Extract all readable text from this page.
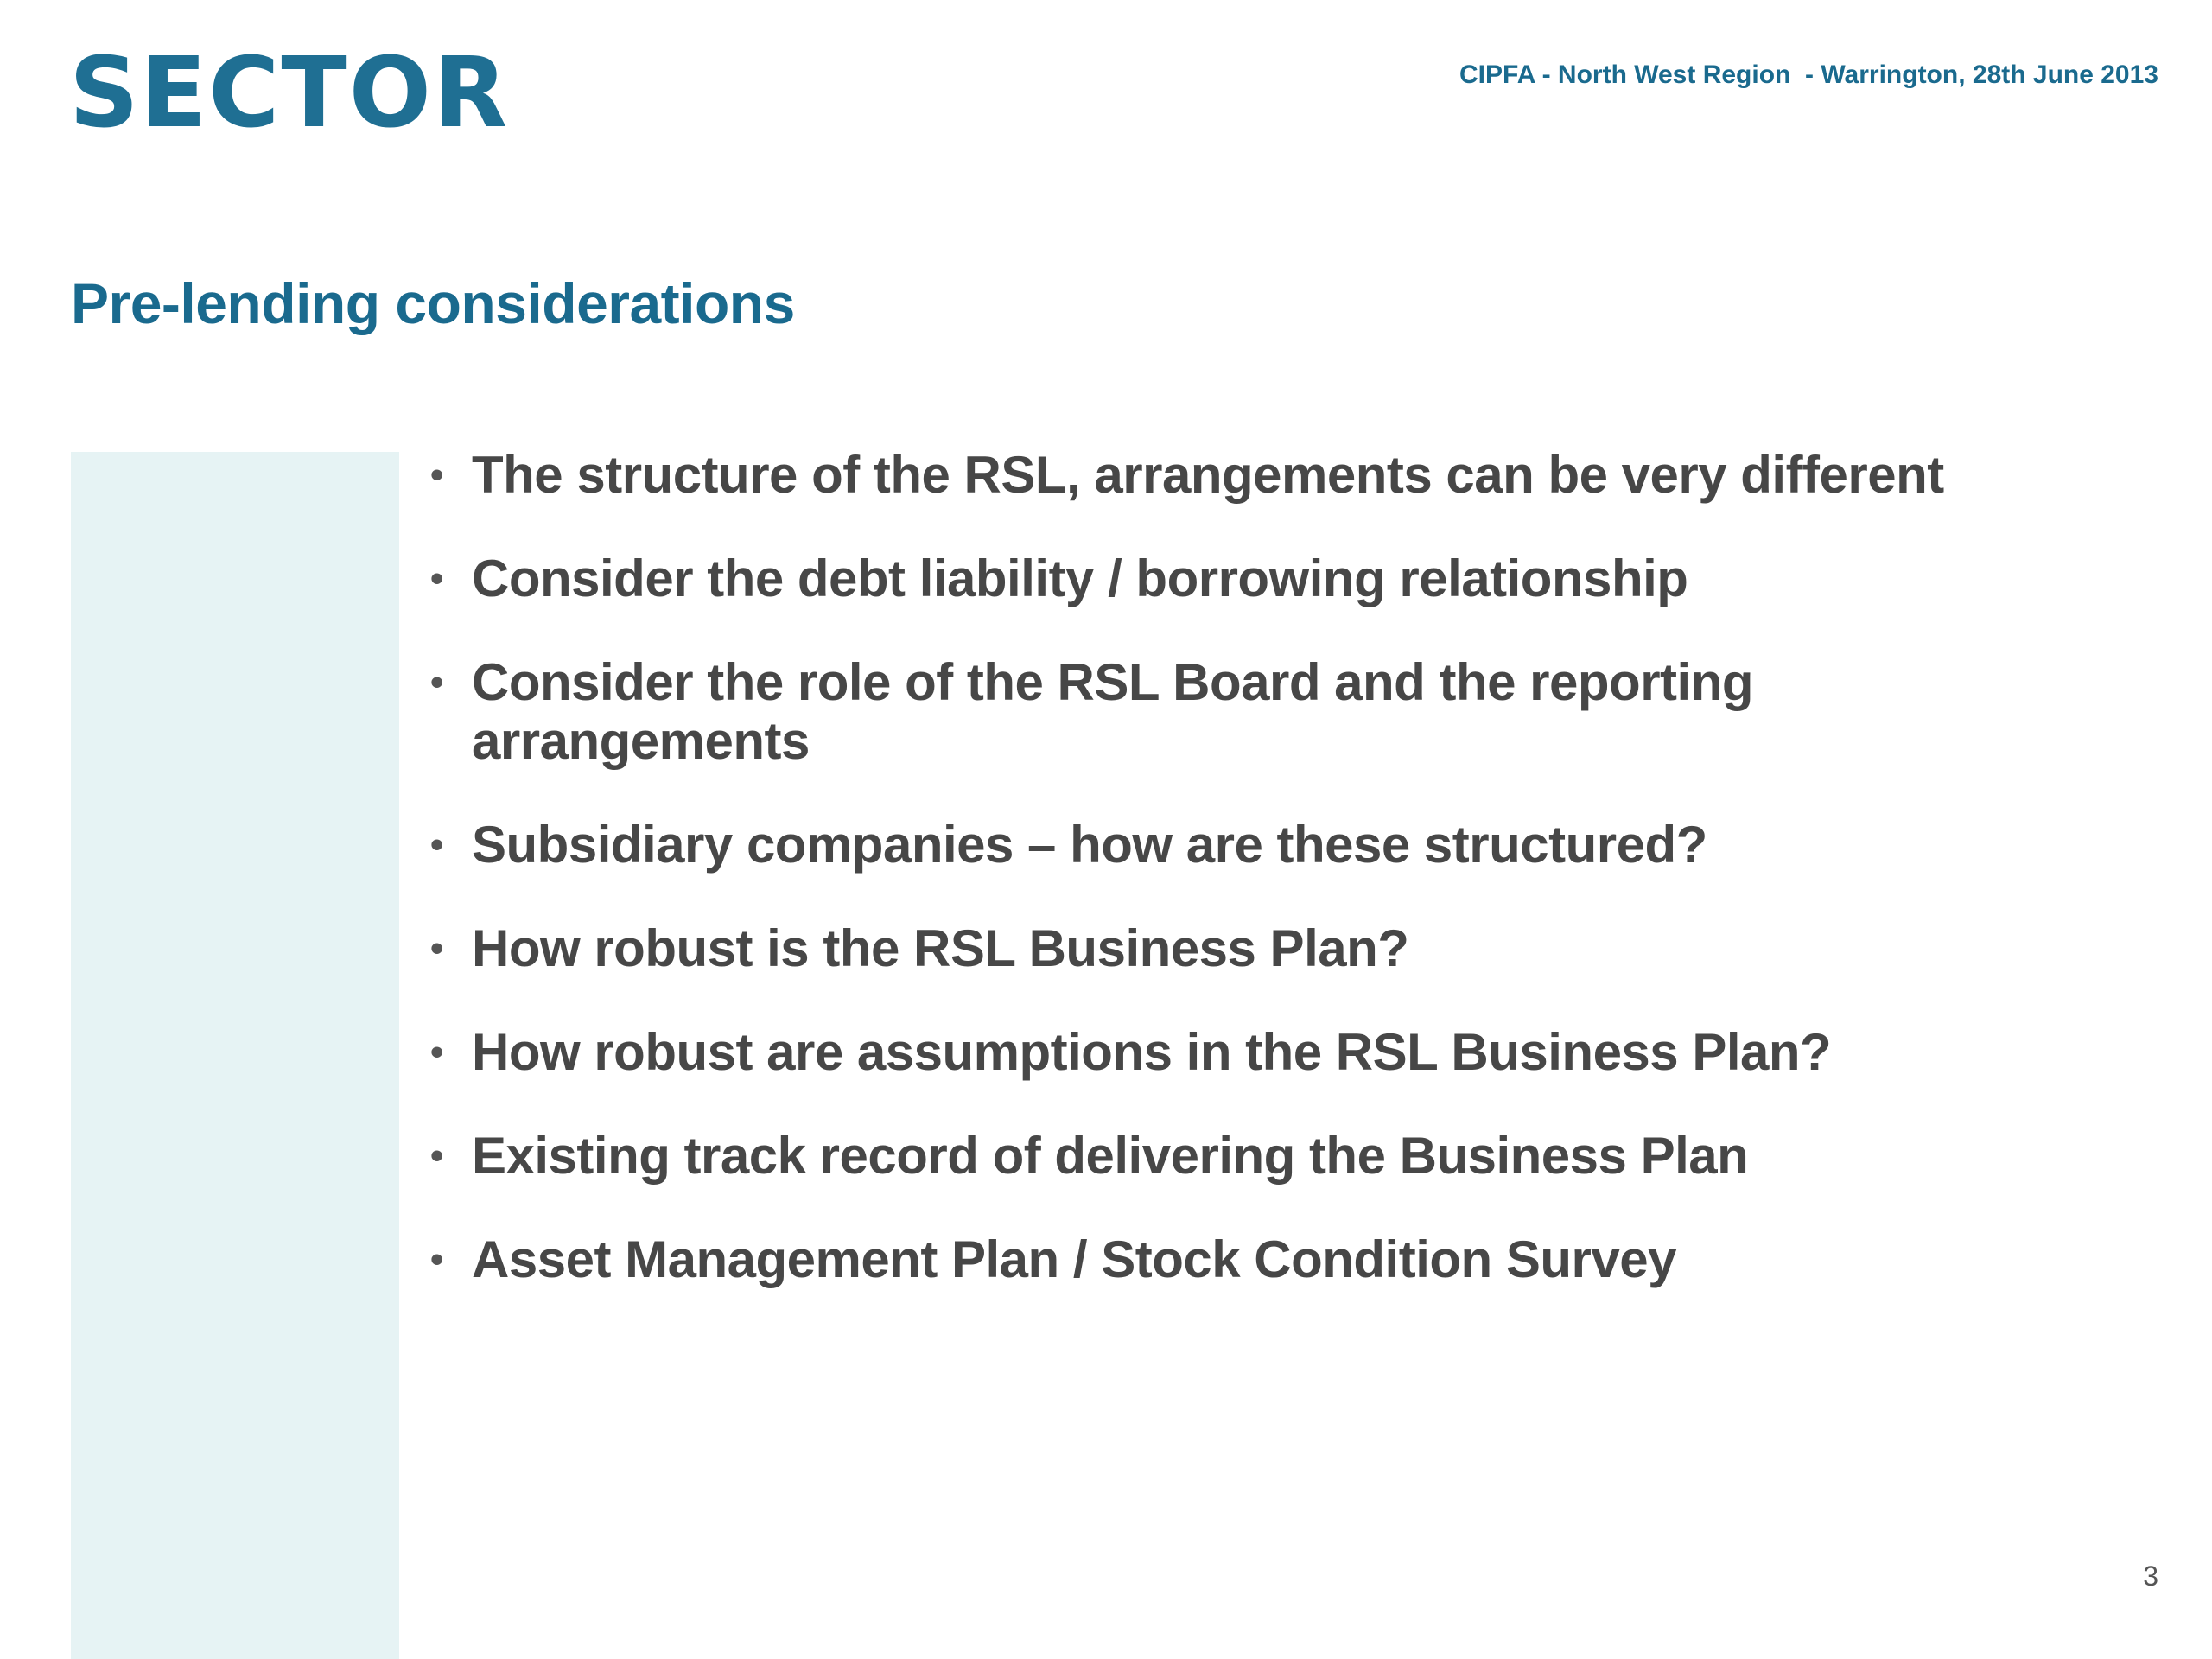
SECTOR	CIPFA - North West Region  - Warrington, 28th June 2013
Pre-lending considerations
• The structure of the RSL, arrangements can be very different
• Consider the debt liability / borrowing relationship
• Consider the role of the RSL Board and the reporting arrangements
• Subsidiary companies – how are these structured?
• How robust is the RSL Business Plan?
• How robust are assumptions in the RSL Business Plan?
• Existing track record of delivering the Business Plan
• Asset Management Plan / Stock Condition Survey
3
